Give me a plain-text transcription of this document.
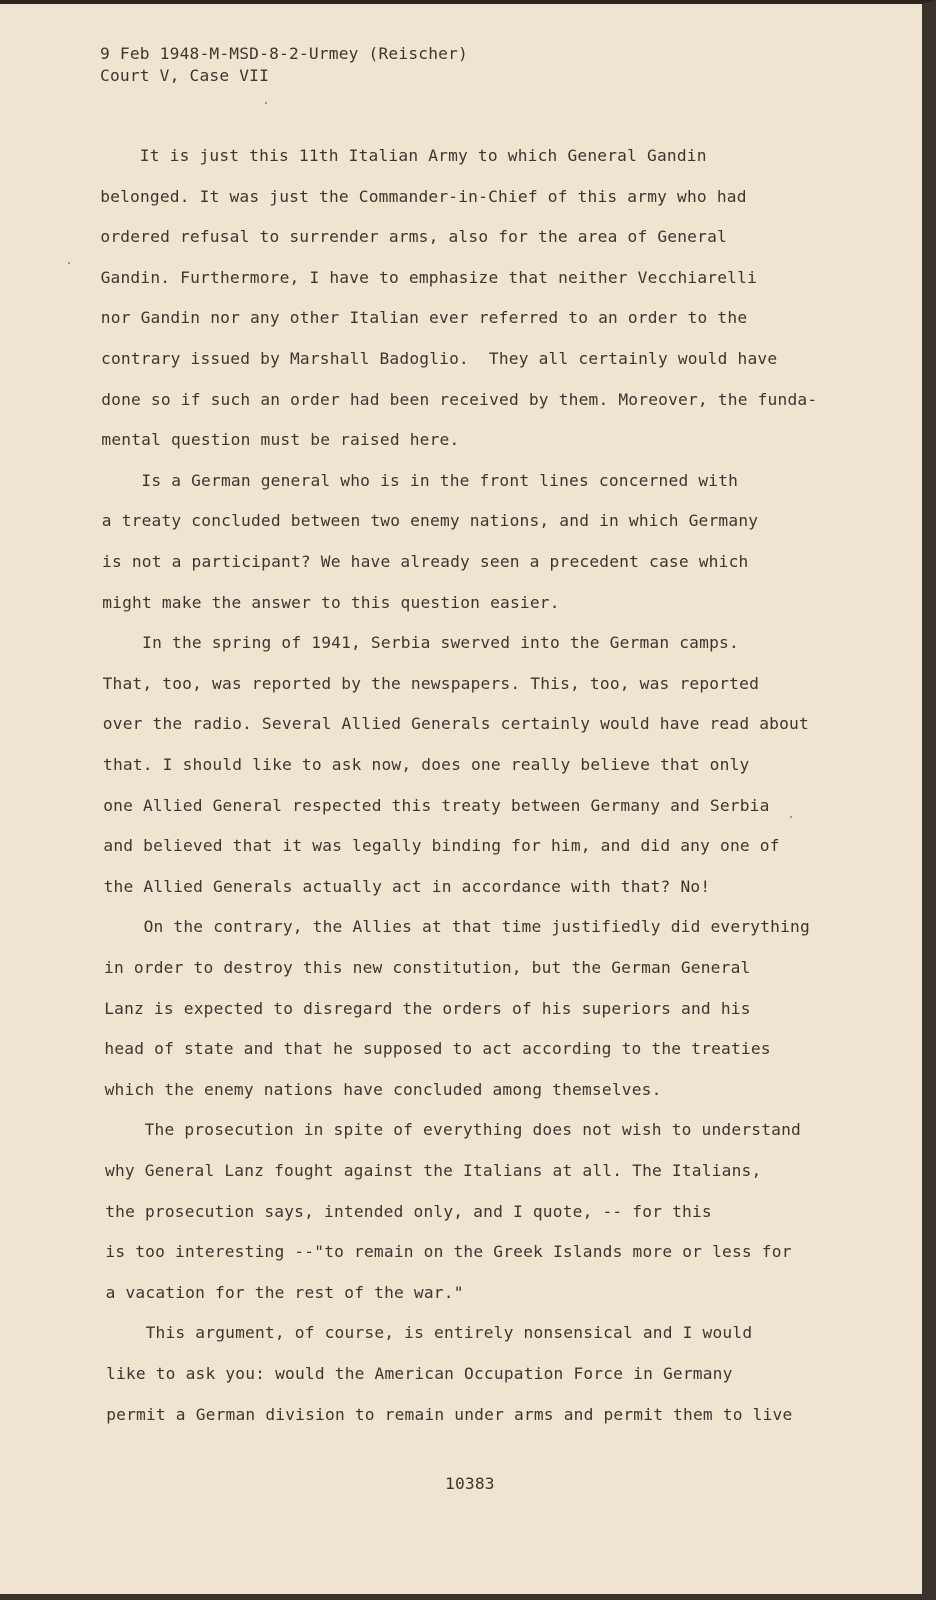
9 Feb 1948-M-MSD-8-2-Urmey (Reischer)
Court V, Case VII
It is just this 11th Italian Army to which General Gandin
belonged. It was just the Commander-in-Chief of this army who had
ordered refusal to surrender arms, also for the area of General
Gandin. Furthermore, I have to emphasize that neither Vecchiarelli
nor Gandin nor any other Italian ever referred to an order to the
contrary issued by Marshall Badoglio.  They all certainly would have
done so if such an order had been received by them. Moreover, the funda-
mental question must be raised here.
Is a German general who is in the front lines concerned with
a treaty concluded between two enemy nations, and in which Germany
is not a participant? We have already seen a precedent case which
might make the answer to this question easier.
In the spring of 1941, Serbia swerved into the German camps.
That, too, was reported by the newspapers. This, too, was reported
over the radio. Several Allied Generals certainly would have read about
that. I should like to ask now, does one really believe that only
one Allied General respected this treaty between Germany and Serbia
and believed that it was legally binding for him, and did any one of
the Allied Generals actually act in accordance with that? No!
On the contrary, the Allies at that time justifiedly did everything
in order to destroy this new constitution, but the German General
Lanz is expected to disregard the orders of his superiors and his
head of state and that he supposed to act according to the treaties
which the enemy nations have concluded among themselves.
The prosecution in spite of everything does not wish to understand
why General Lanz fought against the Italians at all. The Italians,
the prosecution says, intended only, and I quote, -- for this
is too interesting --"to remain on the Greek Islands more or less for
a vacation for the rest of the war."
This argument, of course, is entirely nonsensical and I would
like to ask you: would the American Occupation Force in Germany
permit a German division to remain under arms and permit them to live
10383
